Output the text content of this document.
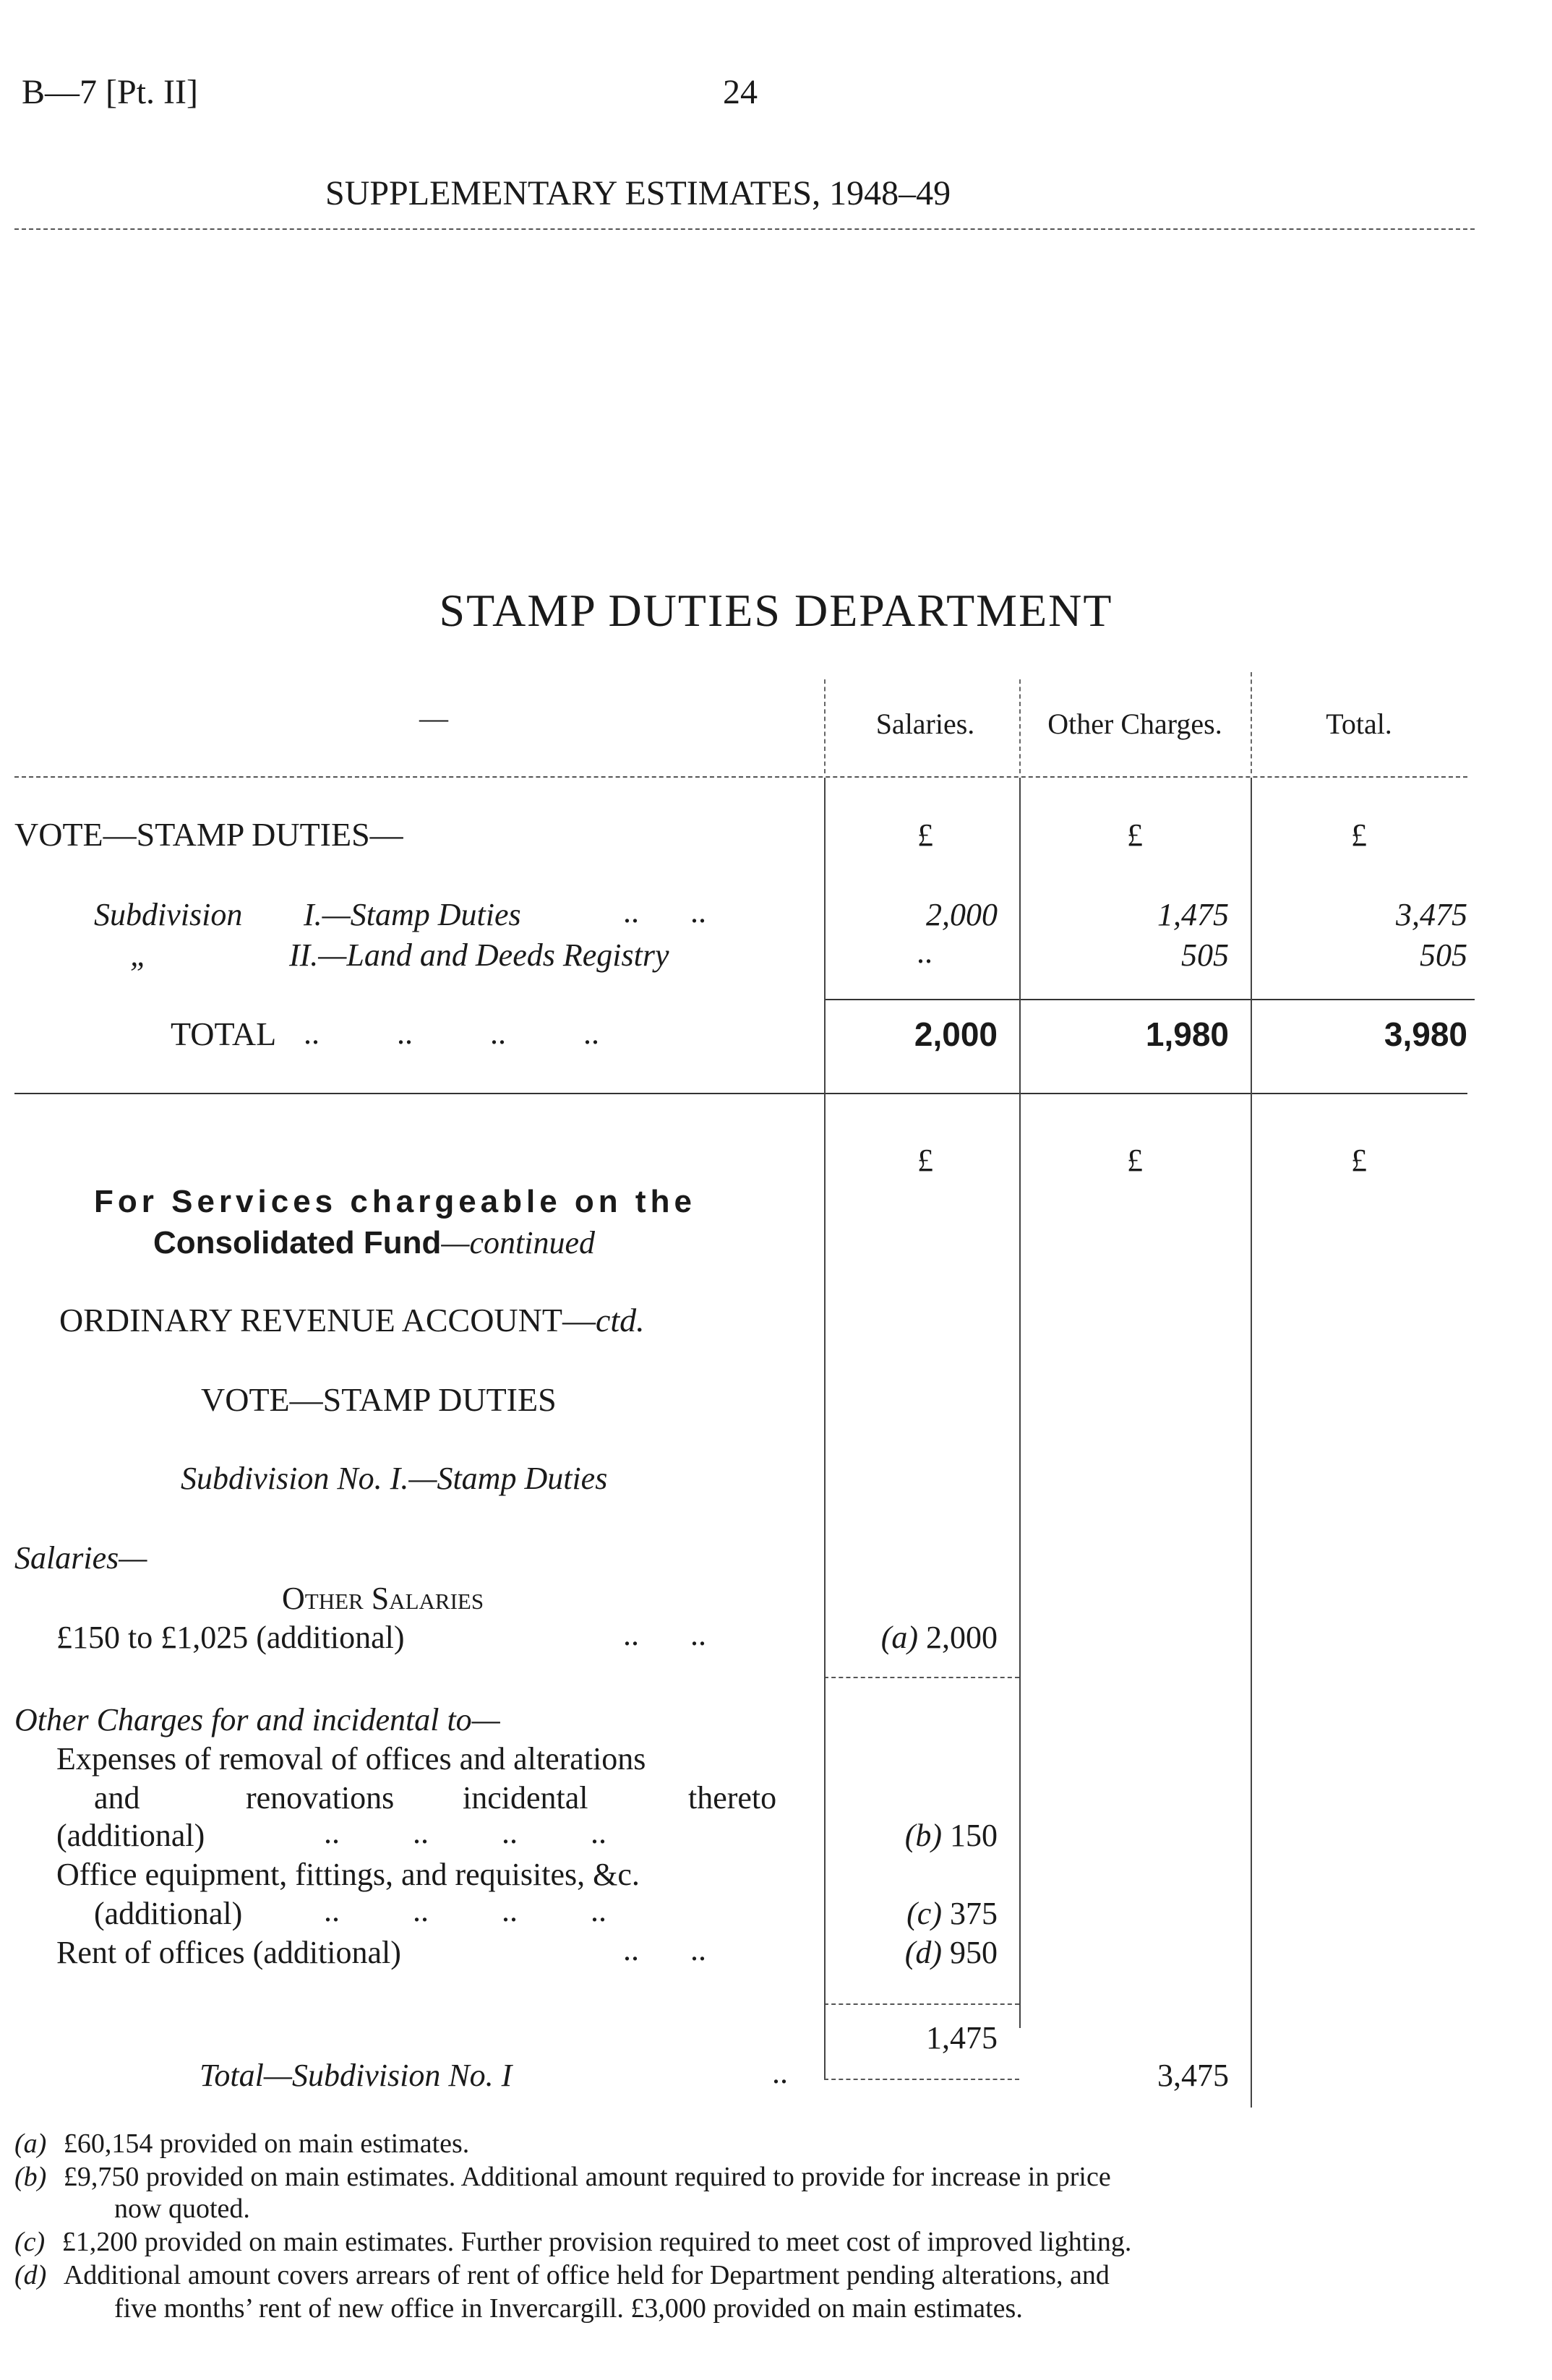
B—7 [Pt. II]	24
SUPPLEMENTARY ESTIMATES, 1948–49
STAMP DUTIES DEPARTMENT
—	Salaries.	Other Charges.	Total.
VOTE—STAMP DUTIES—	£	£	£
Subdivision I.—Stamp Duties	.. ..	2,000	1,475	3,475
„	II.—Land and Deeds Registry	..	505	505
TOTAL .. .. .. ..	2,000	1,980	3,980
£	£	£
For Services chargeable on the
Consolidated Fund—continued
ORDINARY REVENUE ACCOUNT—ctd.
VOTE—STAMP DUTIES
Subdivision No. I.—Stamp Duties
Salaries—
Other Salaries
£150 to £1,025 (additional)	.. ..	(a) 2,000
Other Charges for and incidental to—
Expenses of removal of offices and alterations
and	renovations incidental	thereto
(additional)	.. .. .. ..	(b) 150
Office equipment, fittings, and requisites, &c.
(additional)	.. .. .. ..	(c) 375
Rent of offices (additional)	.. ..	(d) 950
1,475
Total—Subdivision No. I	..	3,475
(a) £60,154 provided on main estimates.
(b) £9,750 provided on main estimates. Additional amount required to provide for increase in price
now quoted.
(c) £1,200 provided on main estimates. Further provision required to meet cost of improved lighting.
(d) Additional amount covers arrears of rent of office held for Department pending alterations, and
five months’ rent of new office in Invercargill. £3,000 provided on main estimates.
